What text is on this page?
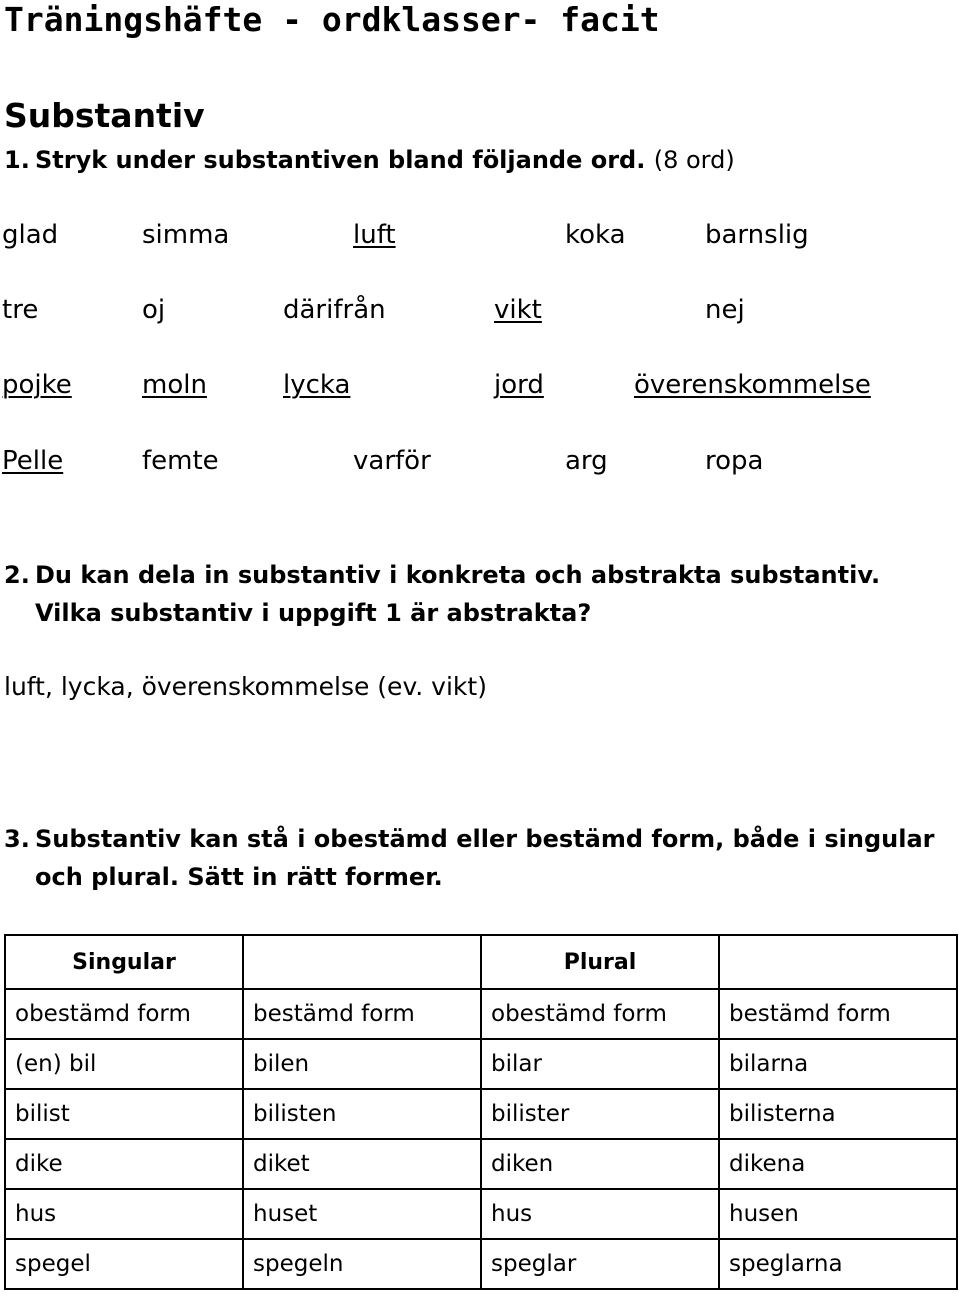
Träningshäfte - ordklasser- facit
Substantiv
1. Stryk under substantiven bland följande ord. (8 ord)
glad	simma	luft	koka	barnslig
tre	oj	därifrån	vikt	nej
pojke	moln	lycka	jord	överenskommelse
Pelle	femte	varför	arg	ropa
2. Du kan dela in substantiv i konkreta och abstrakta substantiv.
Vilka substantiv i uppgift 1 är abstrakta?
luft, lycka, överenskommelse (ev. vikt)
3. Substantiv kan stå i obestämd eller bestämd form, både i singular
och plural. Sätt in rätt former.
Singular		Plural	
obestämd form	bestämd form	obestämd form	bestämd form
(en) bil	bilen	bilar	bilarna
bilist	bilisten	bilister	bilisterna
dike	diket	diken	dikena
hus	huset	hus	husen
spegel	spegeln	speglar	speglarna
